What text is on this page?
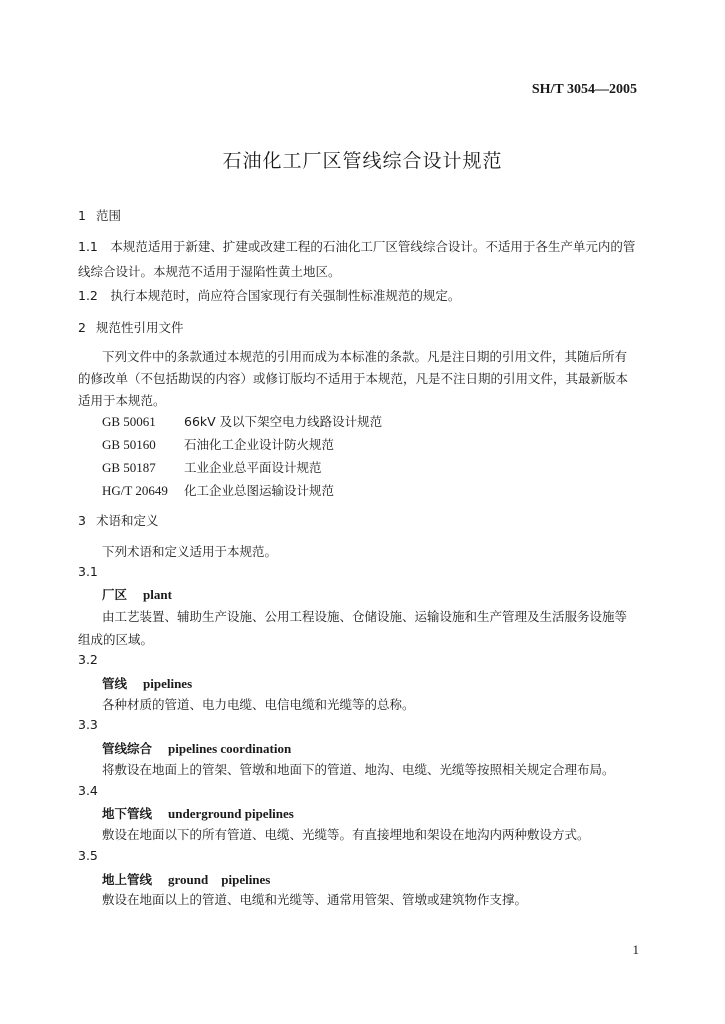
SH/T 3054—2005
石油化工厂区管线综合设计规范
1 范围
1.1　本规范适用于新建、扩建或改建工程的石油化工厂区管线综合设计。不适用于各生产单元内的管
线综合设计。本规范不适用于湿陷性黄土地区。
1.2　执行本规范时，尚应符合国家现行有关强制性标准规范的规定。
2 规范性引用文件
下列文件中的条款通过本规范的引用而成为本标准的条款。凡是注日期的引用文件，其随后所有
的修改单（不包括勘误的内容）或修订版均不适用于本规范，凡是不注日期的引用文件，其最新版本
适用于本规范。
GB 50061 66kV 及以下架空电力线路设计规范
GB 50160 石油化工企业设计防火规范
GB 50187 工业企业总平面设计规范
HG/T 20649 化工企业总图运输设计规范
3 术语和定义
下列术语和定义适用于本规范。
3.1
厂区 plant
由工艺装置、辅助生产设施、公用工程设施、仓储设施、运输设施和生产管理及生活服务设施等
组成的区域。
3.2
管线 pipelines
各种材质的管道、电力电缆、电信电缆和光缆等的总称。
3.3
管线综合 pipelines coordination
将敷设在地面上的管架、管墩和地面下的管道、地沟、电缆、光缆等按照相关规定合理布局。
3.4
地下管线 underground pipelines
敷设在地面以下的所有管道、电缆、光缆等。有直接埋地和架设在地沟内两种敷设方式。
3.5
地上管线 ground　pipelines
敷设在地面以上的管道、电缆和光缆等、通常用管架、管墩或建筑物作支撑。
1
